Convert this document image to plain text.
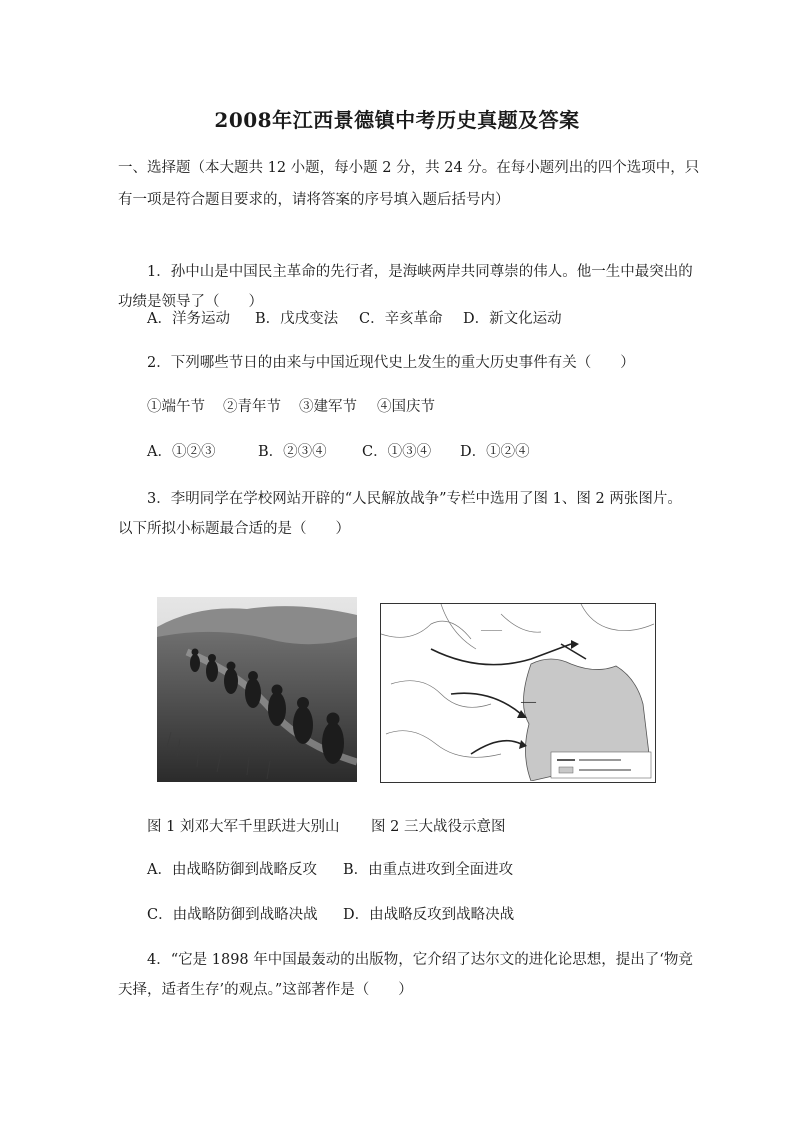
2008年江西景德镇中考历史真题及答案
一、选择题（本大题共 12 小题，每小题 2 分，共 24 分。在每小题列出的四个选项中，只
有一项是符合题目要求的，请将答案的序号填入题后括号内）
1．孙中山是中国民主革命的先行者，是海峡两岸共同尊崇的伟人。他一生中最突出的
功绩是领导了（　　）
A．洋务运动 B．戊戌变法 C．辛亥革命 D．新文化运动
2．下列哪些节日的由来与中国近现代史上发生的重大历史事件有关（　　）
①端午节 ②青年节 ③建军节 ④国庆节
A．①②③	B．②③④ C．①③④ D．①②④
3．李明同学在学校网站开辟的“人民解放战争”专栏中选用了图 1、图 2 两张图片。
以下所拟小标题最合适的是（　　）
───────
━━━━━
图 1 刘邓大军千里跃进大别山 图 2 三大战役示意图
A．由战略防御到战略反攻 B．由重点进攻到全面进攻
C．由战略防御到战略决战 D．由战略反攻到战略决战
4．“它是 1898 年中国最轰动的出版物，它介绍了达尔文的进化论思想，提出了‘物竞
天择，适者生存’的观点。”这部著作是（　　）
